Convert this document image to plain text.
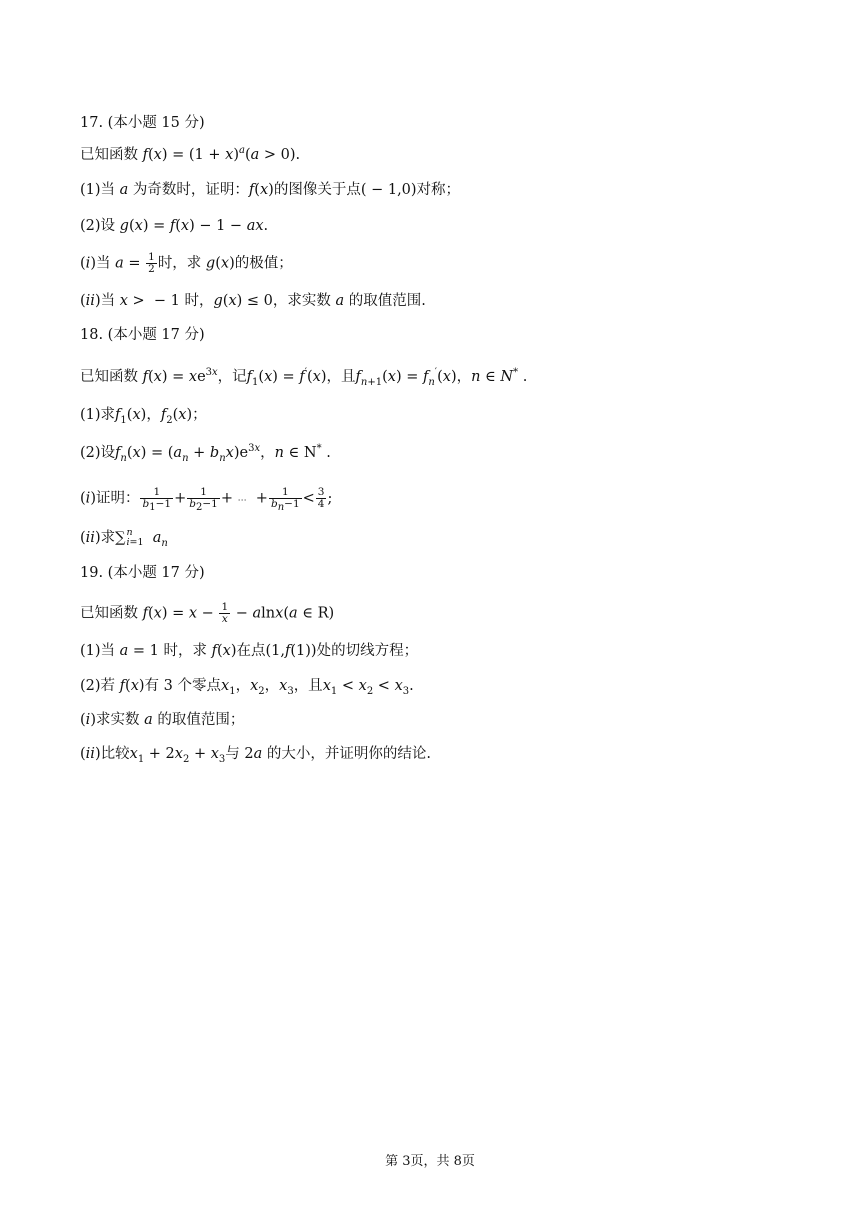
17. (本小题 15 分)
已知函数 $f(x) = (1 + x)^a(a > 0)$.
(1)当 a 为奇数时，证明：f(x)的图像关于点( − 1,0)对称；
(2)设 g(x) = f(x) − 1 − ax.
(i)当 $a = \frac{1}{2}$ 时，求 g(x)的极值；
(ii)当 x >  − 1 时，g(x) ≤ 0，求实数 a 的取值范围.
18. (本小题 17 分)
已知函数 $f(x) = xe^{3x}$，记$f_1(x) = f'(x)$，且$f_{n+1}(x) = f_n'(x)$，n ∈ N* .
(1)求$f_1(x)$，$f_2(x)$；
(2)设$f_n(x) = (a_n + b_nx)e^{3x}$，n ∈ N* .
(i)证明： $\frac{1}{b_1-1} + \frac{1}{b_2-1}$ + ⋯  + $\frac{1}{b_n-1} < \frac{3}{4}$ ;
(ii)求∑ n
i=1 $a_n$
19. (本小题 17 分)
已知函数 $f(x) = x - \frac{1}{x} - alnx(a$ ∈ R)
(1)当 a = 1 时，求 f(x)在点(1,f(1))处的切线方程；
(2)若 f(x)有 3 个零点$x_1$，$x_2$，$x_3$，且$x_1 < x_2 < x_3$.
(i)求实数 a 的取值范围；
(ii)比较$x_1 + 2x_2 + x_3$与 2a 的大小，并证明你的结论.
第 3页，共 8页
